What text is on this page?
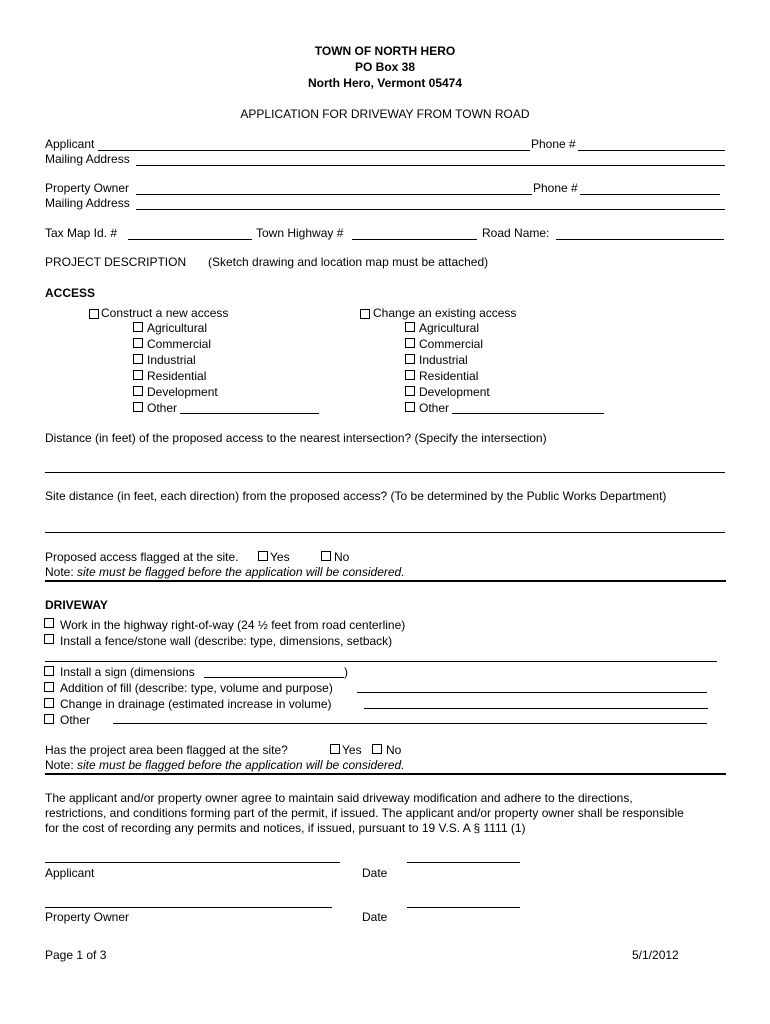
TOWN OF NORTH HERO
PO Box 38
North Hero, Vermont 05474
APPLICATION FOR DRIVEWAY FROM TOWN ROAD
Applicant	Phone #
Mailing Address
Property Owner	Phone #
Mailing Address
Tax Map Id. #	Town Highway #	Road Name:
PROJECT DESCRIPTION (Sketch drawing and location map must be attached)
ACCESS
Construct a new access	Change an existing access
Agricultural
Commercial
Industrial
Residential
Development
Other
Agricultural
Commercial
Industrial
Residential
Development
Other
Distance (in feet) of the proposed access to the nearest intersection? (Specify the intersection)
Site distance (in feet, each direction) from the proposed access? (To be determined by the Public Works Department)
Proposed access flagged at the site.	Yes	No
Note: site must be flagged before the application will be considered.
DRIVEWAY
Work in the highway right-of-way (24 ½ feet from road centerline)
Install a fence/stone wall (describe: type, dimensions, setback)
Install a sign (dimensions	)
Addition of fill (describe: type, volume and purpose)
Change in drainage (estimated increase in volume)
Other
Has the project area been flagged at the site?	Yes No
Note: site must be flagged before the application will be considered.
The applicant and/or property owner agree to maintain said driveway modification and adhere to the directions,
restrictions, and conditions forming part of the permit, if issued. The applicant and/or property owner shall be responsible
for the cost of recording any permits and notices, if issued, pursuant to 19 V.S. A § 1111 (1)
Applicant	Date
Property Owner	Date
Page 1 of 3	5/1/2012
